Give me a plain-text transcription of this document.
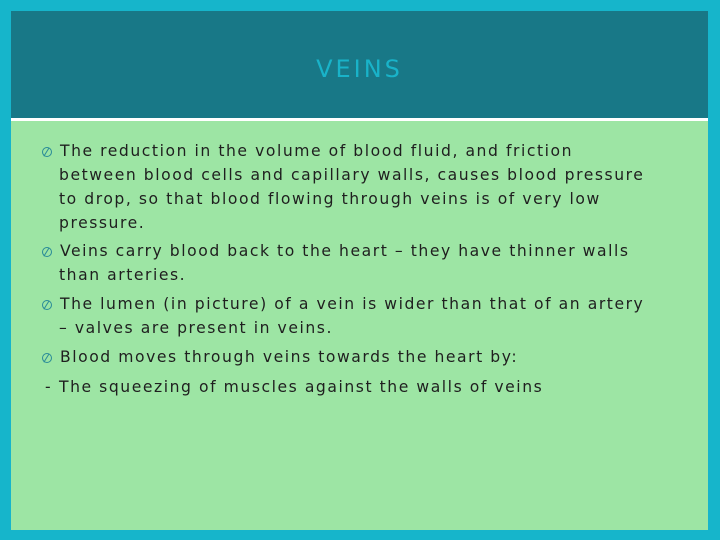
VEINS
The reduction in the volume of blood fluid, and friction
between blood cells and capillary walls, causes blood pressure
to drop, so that blood flowing through veins is of very low
pressure.
Veins carry blood back to the heart – they have thinner walls
than arteries.
The lumen (in picture) of a vein is wider than that of an artery
– valves are present in veins.
Blood moves through veins towards the heart by:
- The squeezing of muscles against the walls of veins
